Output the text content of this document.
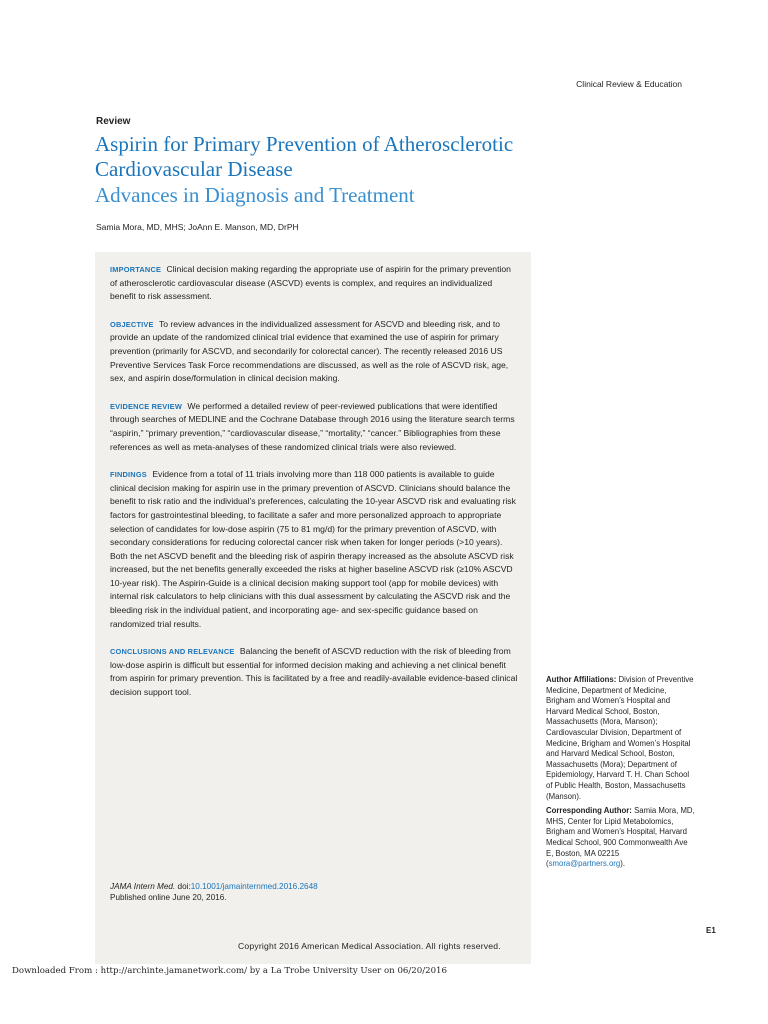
Clinical Review & Education
Review
Aspirin for Primary Prevention of Atherosclerotic Cardiovascular Disease
Advances in Diagnosis and Treatment
Samia Mora, MD, MHS; JoAnn E. Manson, MD, DrPH

IMPORTANCE Clinical decision making regarding the appropriate use of aspirin for the primary prevention of atherosclerotic cardiovascular disease (ASCVD) events is complex, and requires an individualized benefit to risk assessment.

OBJECTIVE To review advances in the individualized assessment for ASCVD and bleeding risk, and to provide an update of the randomized clinical trial evidence that examined the use of aspirin for primary prevention (primarily for ASCVD, and secondarily for colorectal cancer). The recently released 2016 US Preventive Services Task Force recommendations are discussed, as well as the role of ASCVD risk, age, sex, and aspirin dose/formulation in clinical decision making.

EVIDENCE REVIEW We performed a detailed review of peer-reviewed publications that were identified through searches of MEDLINE and the Cochrane Database through 2016 using the literature search terms “aspirin,” “primary prevention,” “cardiovascular disease,” “mortality,” “cancer.” Bibliographies from these references as well as meta-analyses of these randomized clinical trials were also reviewed.

FINDINGS Evidence from a total of 11 trials involving more than 118 000 patients is available to guide clinical decision making for aspirin use in the primary prevention of ASCVD. Clinicians should balance the benefit to risk ratio and the individual’s preferences, calculating the 10-year ASCVD risk and evaluating risk factors for gastrointestinal bleeding, to facilitate a safer and more personalized approach to appropriate selection of candidates for low-dose aspirin (75 to 81 mg/d) for the primary prevention of ASCVD, with secondary considerations for reducing colorectal cancer risk when taken for longer periods (>10 years). Both the net ASCVD benefit and the bleeding risk of aspirin therapy increased as the absolute ASCVD risk increased, but the net benefits generally exceeded the risks at higher baseline ASCVD risk (≥10% ASCVD 10-year risk). The Aspirin-Guide is a clinical decision making support tool (app for mobile devices) with internal risk calculators to help clinicians with this dual assessment by calculating the ASCVD risk and the bleeding risk in the individual patient, and incorporating age- and sex-specific guidance based on randomized trial results.

CONCLUSIONS AND RELEVANCE Balancing the benefit of ASCVD reduction with the risk of bleeding from low-dose aspirin is difficult but essential for informed decision making and achieving a net clinical benefit from aspirin for primary prevention. This is facilitated by a free and readily-available evidence-based clinical decision support tool.

JAMA Intern Med. doi:10.1001/jamainternmed.2016.2648
Published online June 20, 2016.

Author Affiliations: Division of Preventive Medicine, Department of Medicine, Brigham and Women’s Hospital and Harvard Medical School, Boston, Massachusetts (Mora, Manson); Cardiovascular Division, Department of Medicine, Brigham and Women’s Hospital and Harvard Medical School, Boston, Massachusetts (Mora); Department of Epidemiology, Harvard T. H. Chan School of Public Health, Boston, Massachusetts (Manson).

Corresponding Author: Samia Mora, MD, MHS, Center for Lipid Metabolomics, Brigham and Women’s Hospital, Harvard Medical School, 900 Commonwealth Ave E, Boston, MA 02215
(smora@partners.org).

E1
Copyright 2016 American Medical Association. All rights reserved.
Downloaded From : http://archinte.jamanetwork.com/ by a La Trobe University User on 06/20/2016
